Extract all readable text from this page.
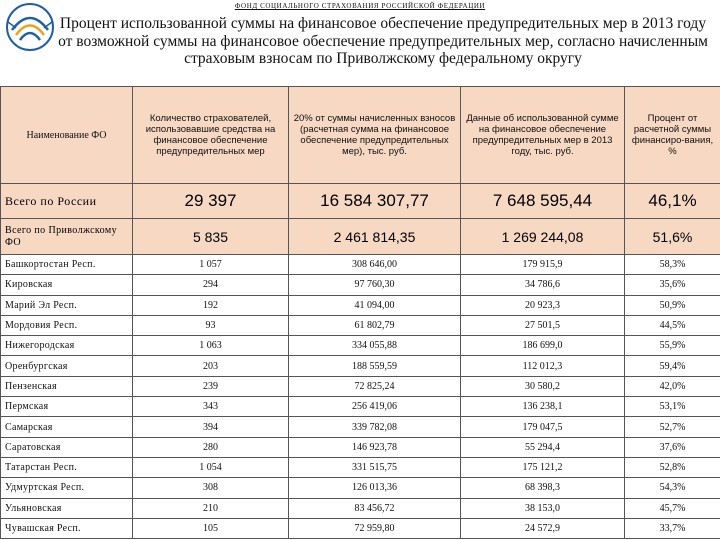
ФОНД СОЦИАЛЬНОГО СТРАХОВАНИЯ РОССИЙСКОЙ ФЕДЕРАЦИИ
Процент использованной суммы на финансовое обеспечение предупредительных мер в 2013 году от возможной суммы на финансовое обеспечение предупредительных мер, согласно начисленным страховым взносам по Приволжскому федеральному округу
Наименование ФО	Количество страхователей, использовавшие средства на финансовое обеспечение предупредительных мер	20% от суммы начисленных взносов (расчетная сумма на финансовое обеспечение предупредительных мер), тыс. руб.	Данные об использованной сумме на финансовое обеспечение предупредительных мер в 2013 году, тыс. руб.	Процент от расчетной суммы финансиро-вания, %
Всего по России	29 397	16 584 307,77	7 648 595,44	46,1%
Всего по Приволжскому ФО	5 835	2 461 814,35	1 269 244,08	51,6%
Башкортостан Респ.	1 057	308 646,00	179 915,9	58,3%
Кировская	294	97 760,30	34 786,6	35,6%
Марий Эл Респ.	192	41 094,00	20 923,3	50,9%
Мордовия Респ.	93	61 802,79	27 501,5	44,5%
Нижегородская	1 063	334 055,88	186 699,0	55,9%
Оренбургская	203	188 559,59	112 012,3	59,4%
Пензенская	239	72 825,24	30 580,2	42,0%
Пермская	343	256 419,06	136 238,1	53,1%
Самарская	394	339 782,08	179 047,5	52,7%
Саратовская	280	146 923,78	55 294,4	37,6%
Татарстан Респ.	1 054	331 515,75	175 121,2	52,8%
Удмуртская Респ.	308	126 013,36	68 398,3	54,3%
Ульяновская	210	83 456,72	38 153,0	45,7%
Чувашская Респ.	105	72 959,80	24 572,9	33,7%
